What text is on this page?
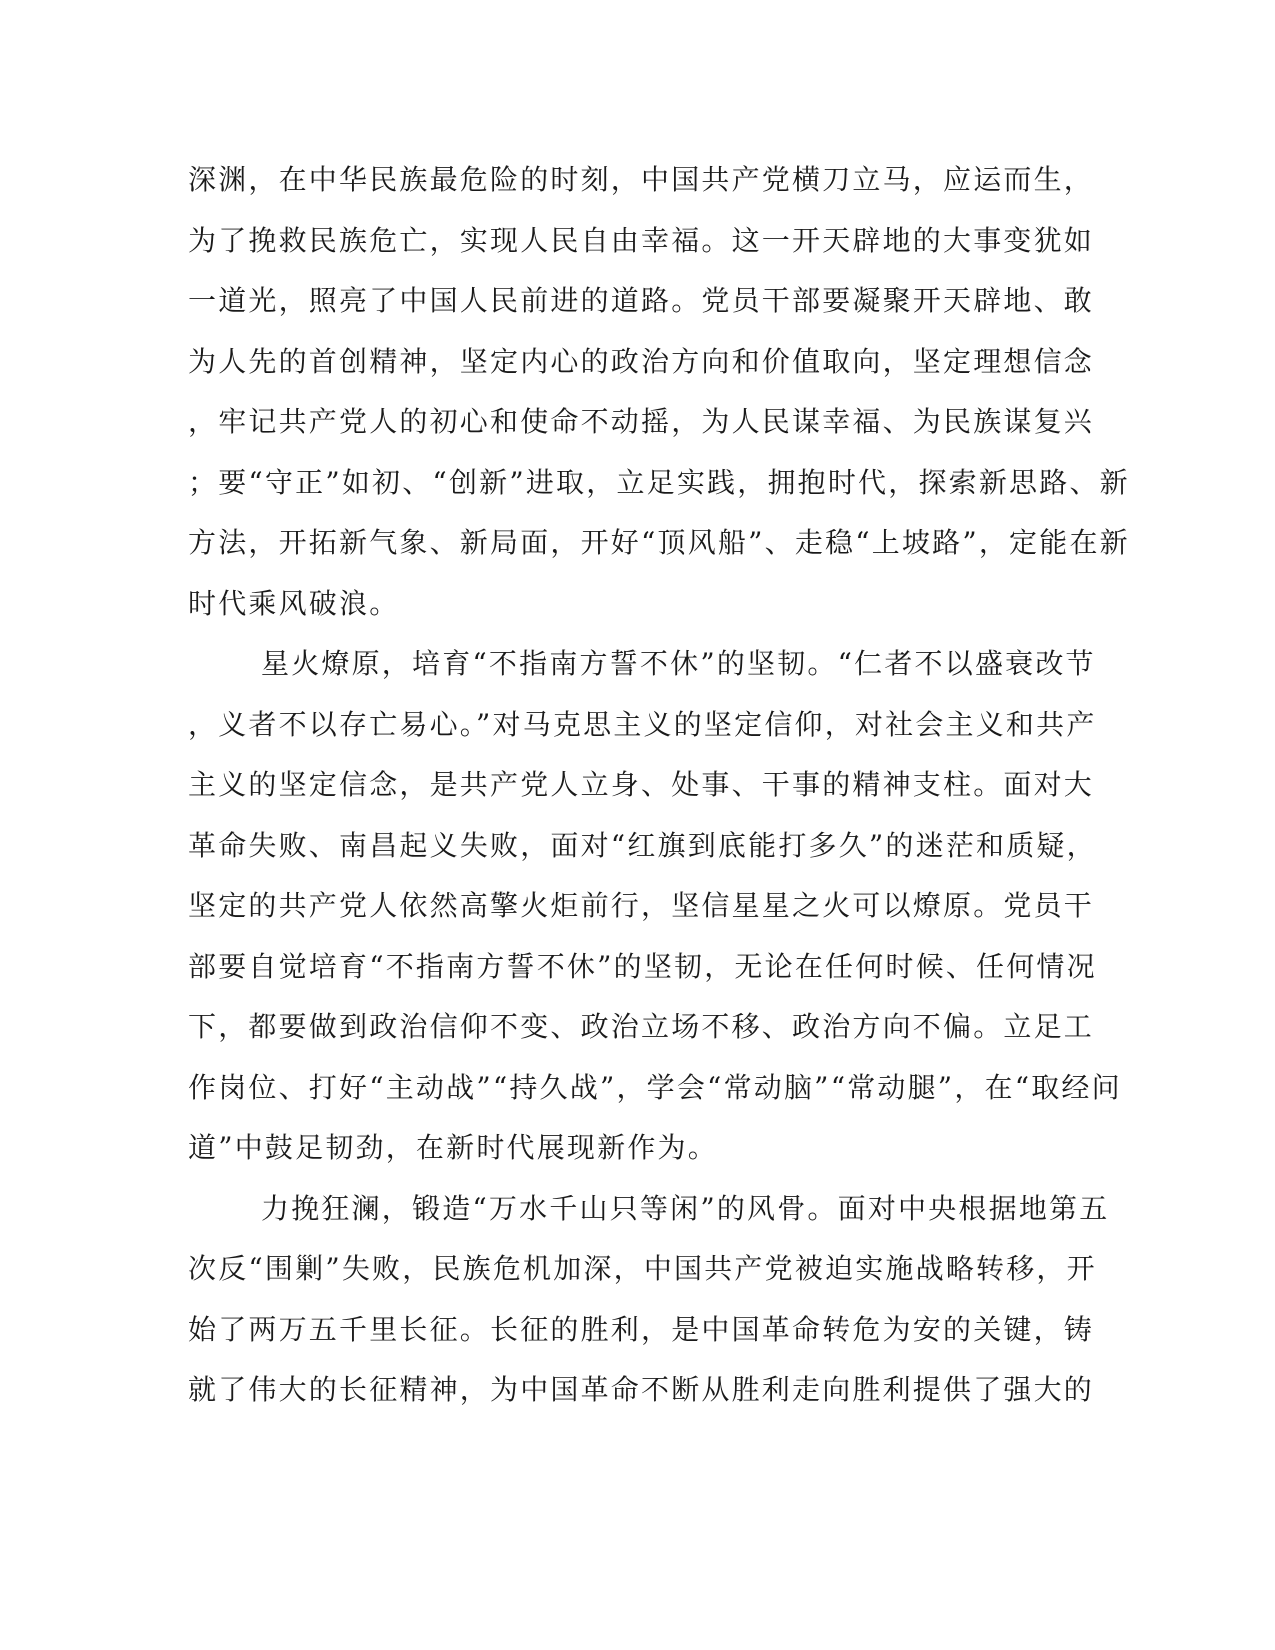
深渊，在中华民族最危险的时刻，中国共产党横刀立马，应运而生，
为了挽救民族危亡，实现人民自由幸福。这一开天辟地的大事变犹如
一道光，照亮了中国人民前进的道路。党员干部要凝聚开天辟地、敢
为人先的首创精神，坚定内心的政治方向和价值取向，坚定理想信念
，牢记共产党人的初心和使命不动摇，为人民谋幸福、为民族谋复兴
；要“守正”如初、“创新”进取，立足实践，拥抱时代，探索新思路、新
方法，开拓新气象、新局面，开好“顶风船”、走稳“上坡路”，定能在新
时代乘风破浪。
星火燎原，培育“不指南方誓不休”的坚韧。“仁者不以盛衰改节
，义者不以存亡易心。”对马克思主义的坚定信仰，对社会主义和共产
主义的坚定信念，是共产党人立身、处事、干事的精神支柱。面对大
革命失败、南昌起义失败，面对“红旗到底能打多久”的迷茫和质疑，
坚定的共产党人依然高擎火炬前行，坚信星星之火可以燎原。党员干
部要自觉培育“不指南方誓不休”的坚韧，无论在任何时候、任何情况
下，都要做到政治信仰不变、政治立场不移、政治方向不偏。立足工
作岗位、打好“主动战”“持久战”，学会“常动脑”“常动腿”，在“取经问
道”中鼓足韧劲，在新时代展现新作为。
力挽狂澜，锻造“万水千山只等闲”的风骨。面对中央根据地第五
次反“围剿”失败，民族危机加深，中国共产党被迫实施战略转移，开
始了两万五千里长征。长征的胜利，是中国革命转危为安的关键，铸
就了伟大的长征精神，为中国革命不断从胜利走向胜利提供了强大的
